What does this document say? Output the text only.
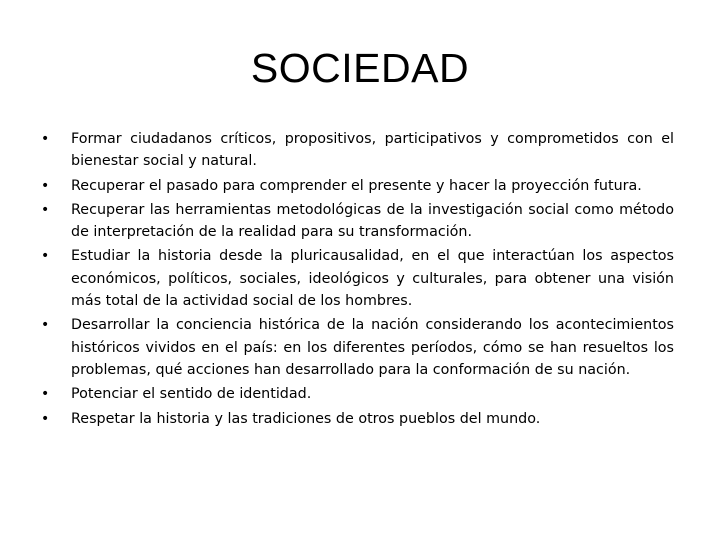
SOCIEDAD
• Formar ciudadanos críticos, propositivos, participativos y comprometidos con el bienestar social y natural.
• Recuperar el pasado para comprender el presente y hacer la proyección futura.
• Recuperar las herramientas metodológicas de la investigación social como método de interpretación de la realidad para su transformación.
• Estudiar la historia desde la pluricausalidad, en el que interactúan los aspectos económicos, políticos, sociales, ideológicos y culturales, para obtener una visión más total de la actividad social de los hombres.
• Desarrollar la conciencia histórica de la nación considerando los acontecimientos históricos vividos en el país: en los diferentes períodos, cómo se han resueltos los problemas, qué acciones han desarrollado para la conformación de su nación.
• Potenciar el sentido de identidad.
• Respetar la historia y las tradiciones de otros pueblos del mundo.
